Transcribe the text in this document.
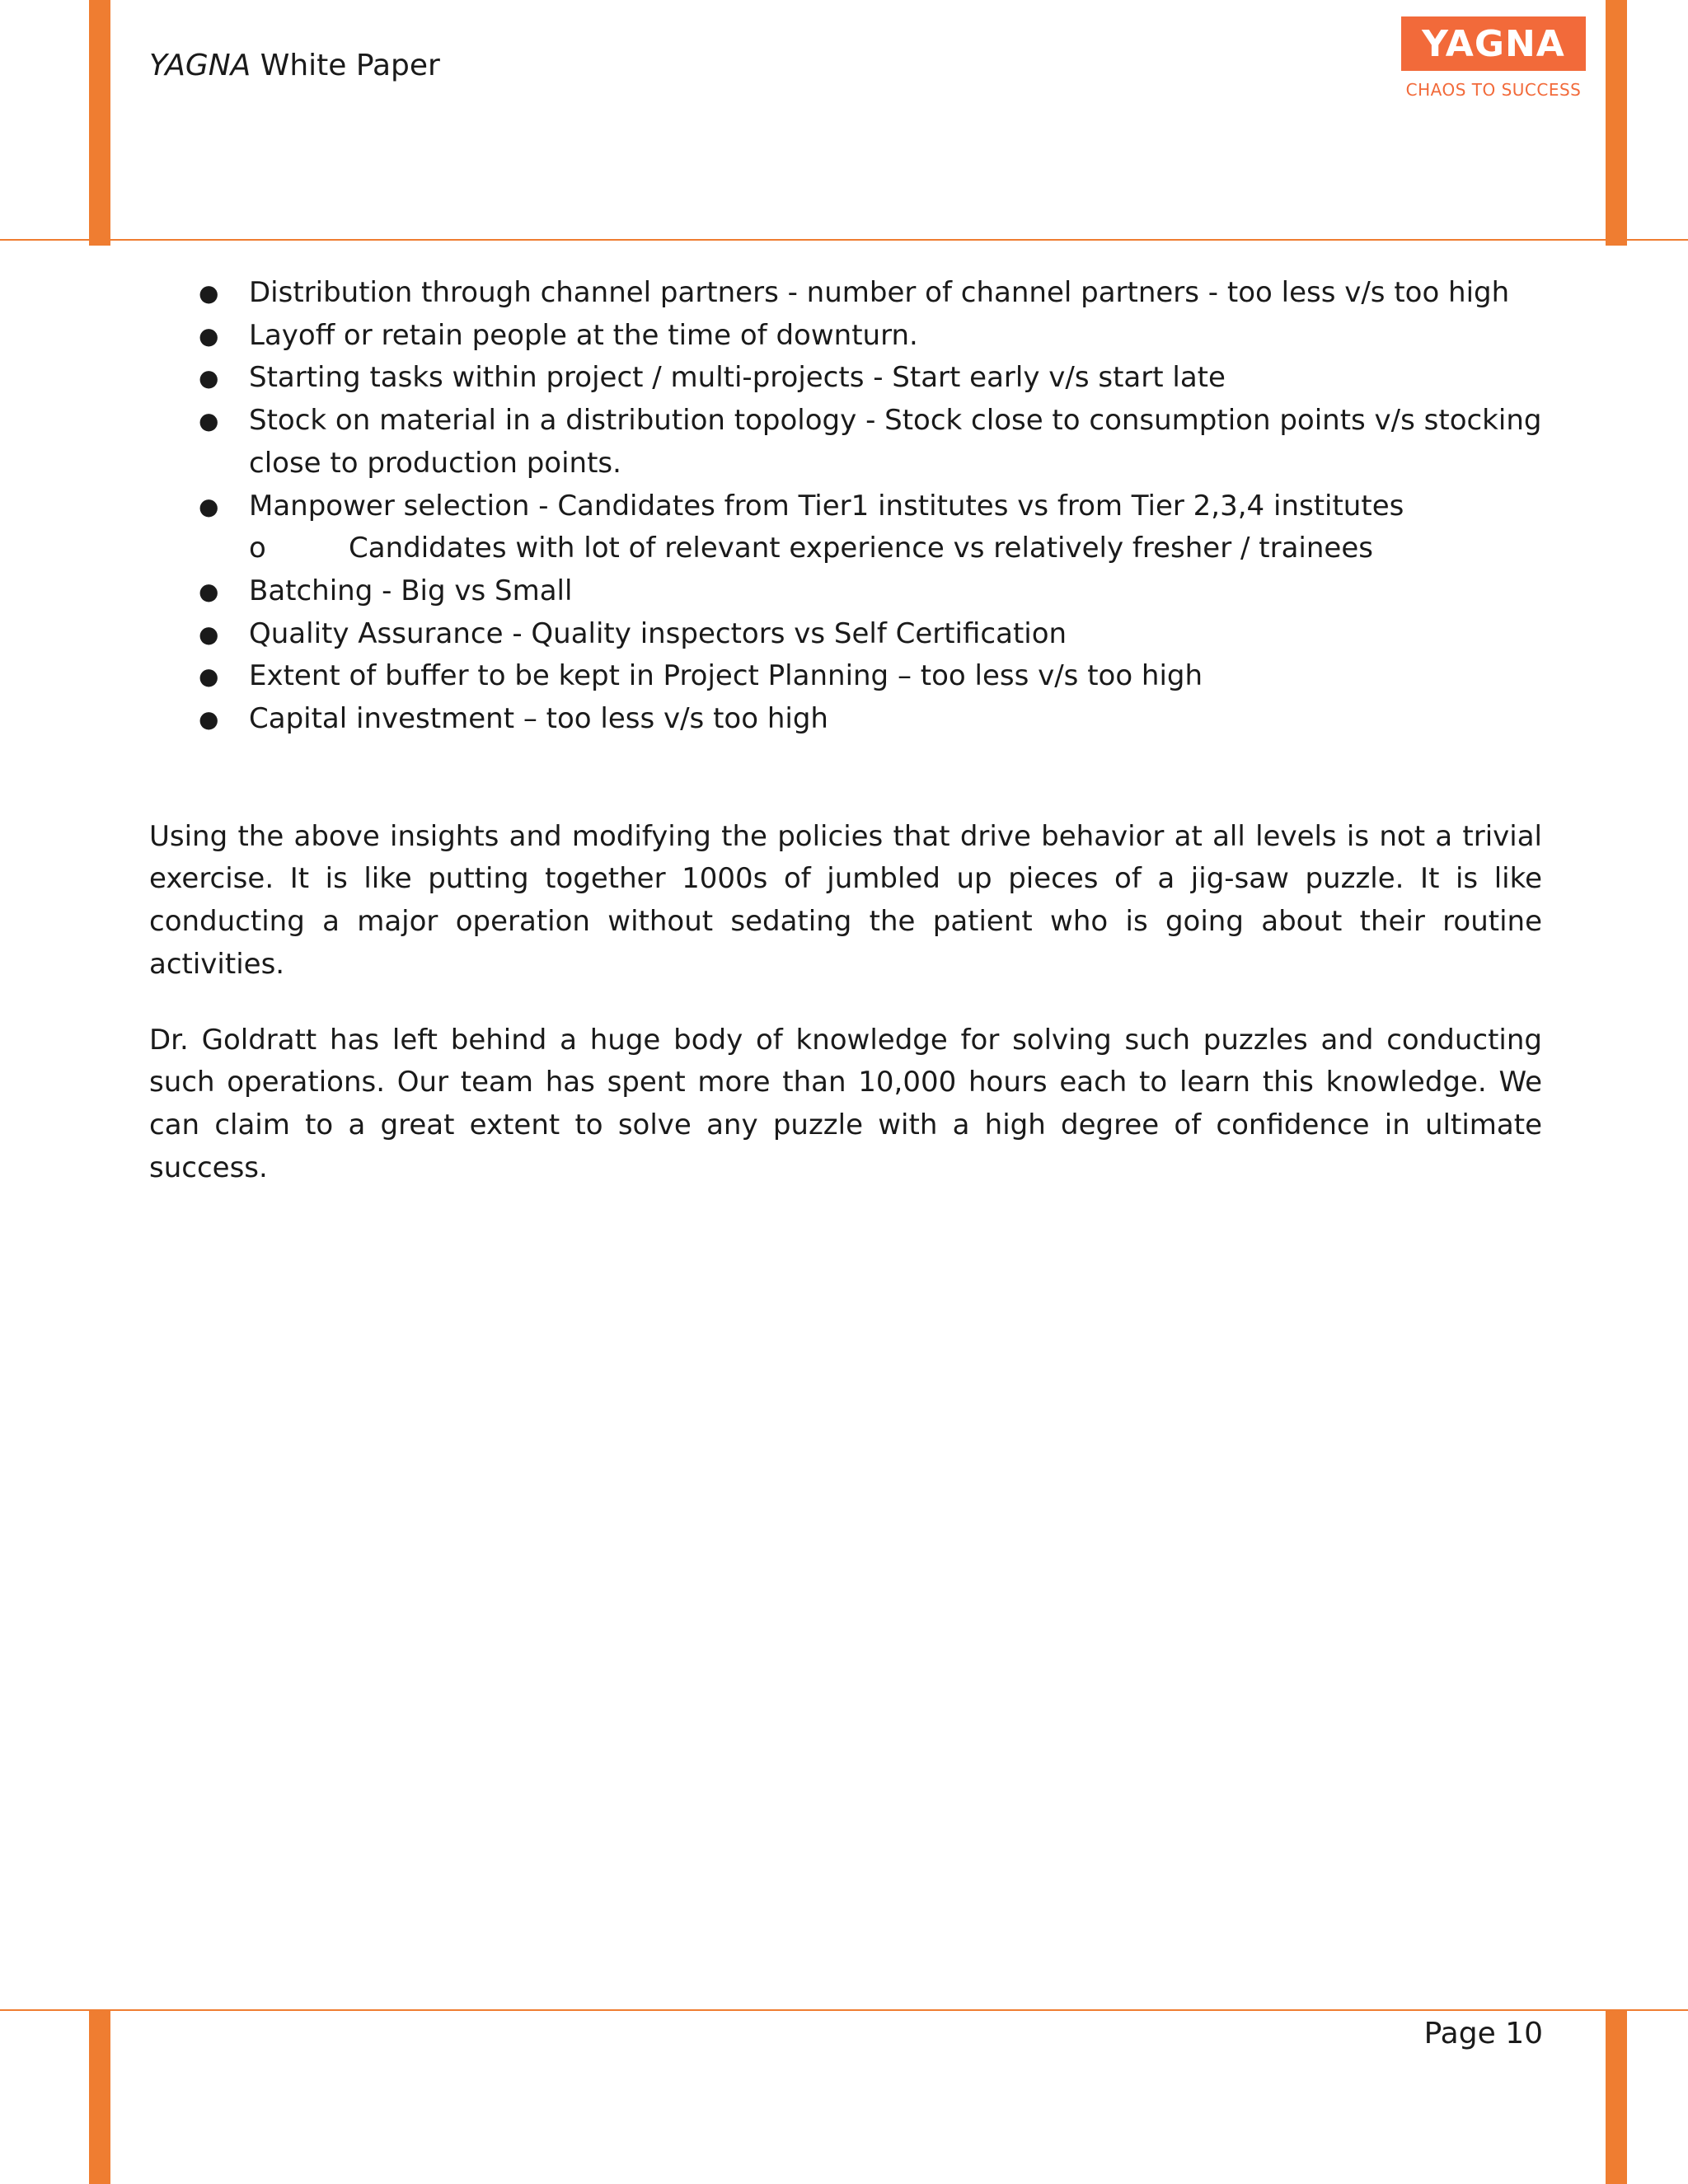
YAGNA White Paper
YAGNA
CHAOS TO SUCCESS
● Distribution through channel partners - number of channel partners - too less v/s too high
● Layoff or retain people at the time of downturn.
● Starting tasks within project / multi-projects - Start early v/s start late
● Stock on material in a distribution topology - Stock close to consumption points v/s stocking close to production points.
● Manpower selection - Candidates from Tier1 institutes vs from Tier 2,3,4 institutes
o	Candidates with lot of relevant experience vs relatively fresher / trainees
● Batching - Big vs Small
● Quality Assurance - Quality inspectors vs Self Certification
● Extent of buffer to be kept in Project Planning – too less v/s too high
● Capital investment – too less v/s too high

Using the above insights and modifying the policies that drive behavior at all levels is not a trivial exercise. It is like putting together 1000s of jumbled up pieces of a jig-saw puzzle. It is like conducting a major operation without sedating the patient who is going about their routine activities.

Dr. Goldratt has left behind a huge body of knowledge for solving such puzzles and conducting such operations. Our team has spent more than 10,000 hours each to learn this knowledge. We can claim to a great extent to solve any puzzle with a high degree of confidence in ultimate success.

Page 10
